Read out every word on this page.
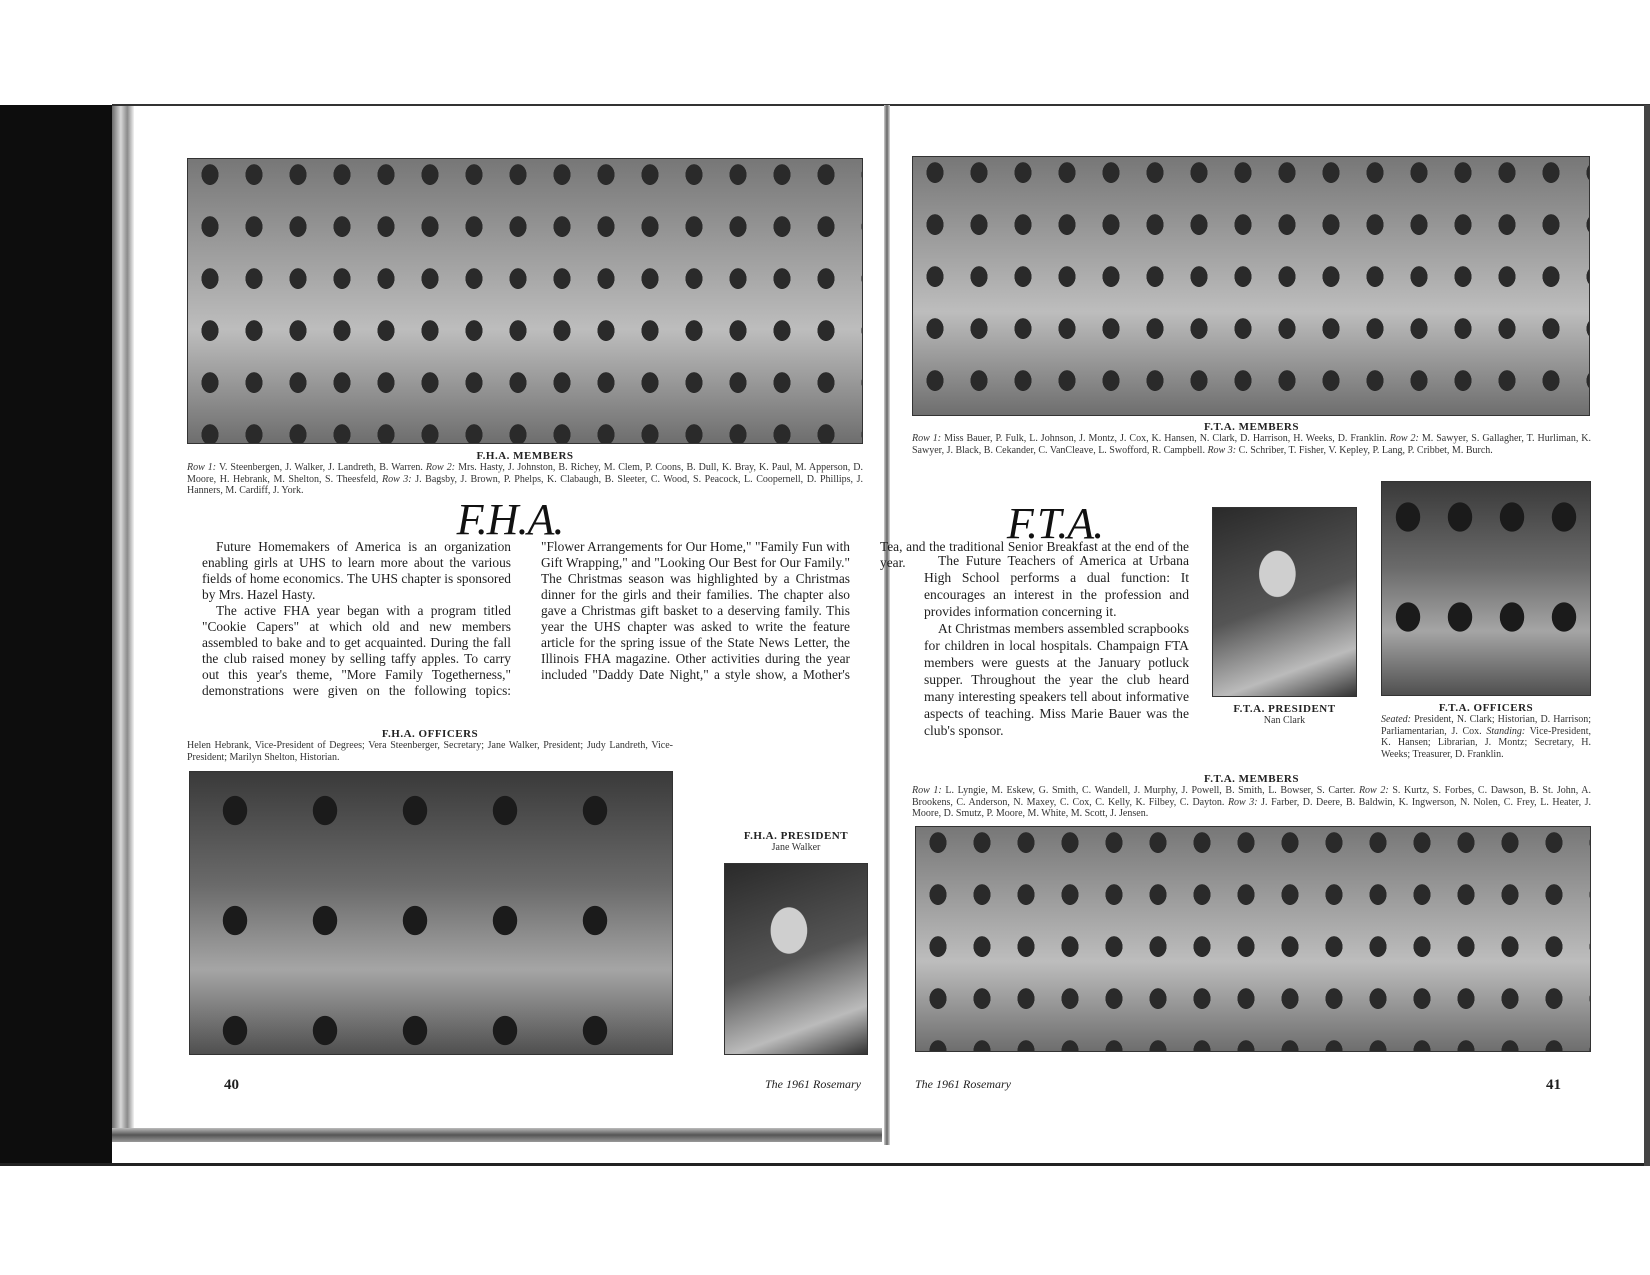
F.H.A. MEMBERS
Row 1: V. Steenbergen, J. Walker, J. Landreth, B. Warren. Row 2: Mrs. Hasty, J. Johnston, B. Richey, M. Clem, P. Coons, B. Dull, K. Bray, K. Paul, M. Apperson, D. Moore, H. Hebrank, M. Shelton, S. Theesfeld, Row 3: J. Bagsby, J. Brown, P. Phelps, K. Clabaugh, B. Sleeter, C. Wood, S. Peacock, L. Coopernell, D. Phillips, J. Hanners, M. Cardiff, J. York.
F.H.A.

Future Homemakers of America is an organization enabling girls at UHS to learn more about the various fields of home economics. The UHS chapter is sponsored by Mrs. Hazel Hasty.

The active FHA year began with a program titled "Cookie Capers" at which old and new members assembled to bake and to get acquainted. During the fall the club raised money by selling taffy apples. To carry out this year's theme, "More Family Togetherness," demonstrations were given on the following topics: "Flower Arrangements for Our Home," "Family Fun with Gift Wrapping," and "Looking Our Best for Our Family." The Christmas season was highlighted by a Christmas dinner for the girls and their families. The chapter also gave a Christmas gift basket to a deserving family. This year the UHS chapter was asked to write the feature article for the spring issue of the State News Letter, the Illinois FHA magazine. Other activities during the year included "Daddy Date Night," a style show, a Mother's Tea, and the traditional Senior Breakfast at the end of the year.

F.H.A. OFFICERS
Helen Hebrank, Vice-President of Degrees; Vera Steenberger, Secretary; Jane Walker, President; Judy Landreth, Vice-President; Marilyn Shelton, Historian.
F.H.A. PRESIDENT
Jane Walker
40	The 1961 Rosemary
F.T.A. MEMBERS
Row 1: Miss Bauer, P. Fulk, L. Johnson, J. Montz, J. Cox, K. Hansen, N. Clark, D. Harrison, H. Weeks, D. Franklin. Row 2: M. Sawyer, S. Gallagher, T. Hurliman, K. Sawyer, J. Black, B. Cekander, C. VanCleave, L. Swofford, R. Campbell. Row 3: C. Schriber, T. Fisher, V. Kepley, P. Lang, P. Cribbet, M. Burch.
F.T.A.

The Future Teachers of America at Urbana High School performs a dual function: It encourages an interest in the profession and provides information concerning it.

At Christmas members assembled scrapbooks for children in local hospitals. Champaign FTA members were guests at the January potluck supper. Throughout the year the club heard many interesting speakers tell about informative aspects of teaching. Miss Marie Bauer was the club's sponsor.

F.T.A. PRESIDENT
Nan Clark
F.T.A. OFFICERS
Seated: President, N. Clark; Historian, D. Harrison; Parliamentarian, J. Cox. Standing: Vice-President, K. Hansen; Librarian, J. Montz; Secretary, H. Weeks; Treasurer, D. Franklin.
F.T.A. MEMBERS
Row 1: L. Lyngie, M. Eskew, G. Smith, C. Wandell, J. Murphy, J. Powell, B. Smith, L. Bowser, S. Carter. Row 2: S. Kurtz, S. Forbes, C. Dawson, B. St. John, A. Brookens, C. Anderson, N. Maxey, C. Cox, C. Kelly, K. Filbey, C. Dayton. Row 3: J. Farber, D. Deere, B. Baldwin, K. Ingwerson, N. Nolen, C. Frey, L. Heater, J. Moore, D. Smutz, P. Moore, M. White, M. Scott, J. Jensen.
The 1961 Rosemary	41
